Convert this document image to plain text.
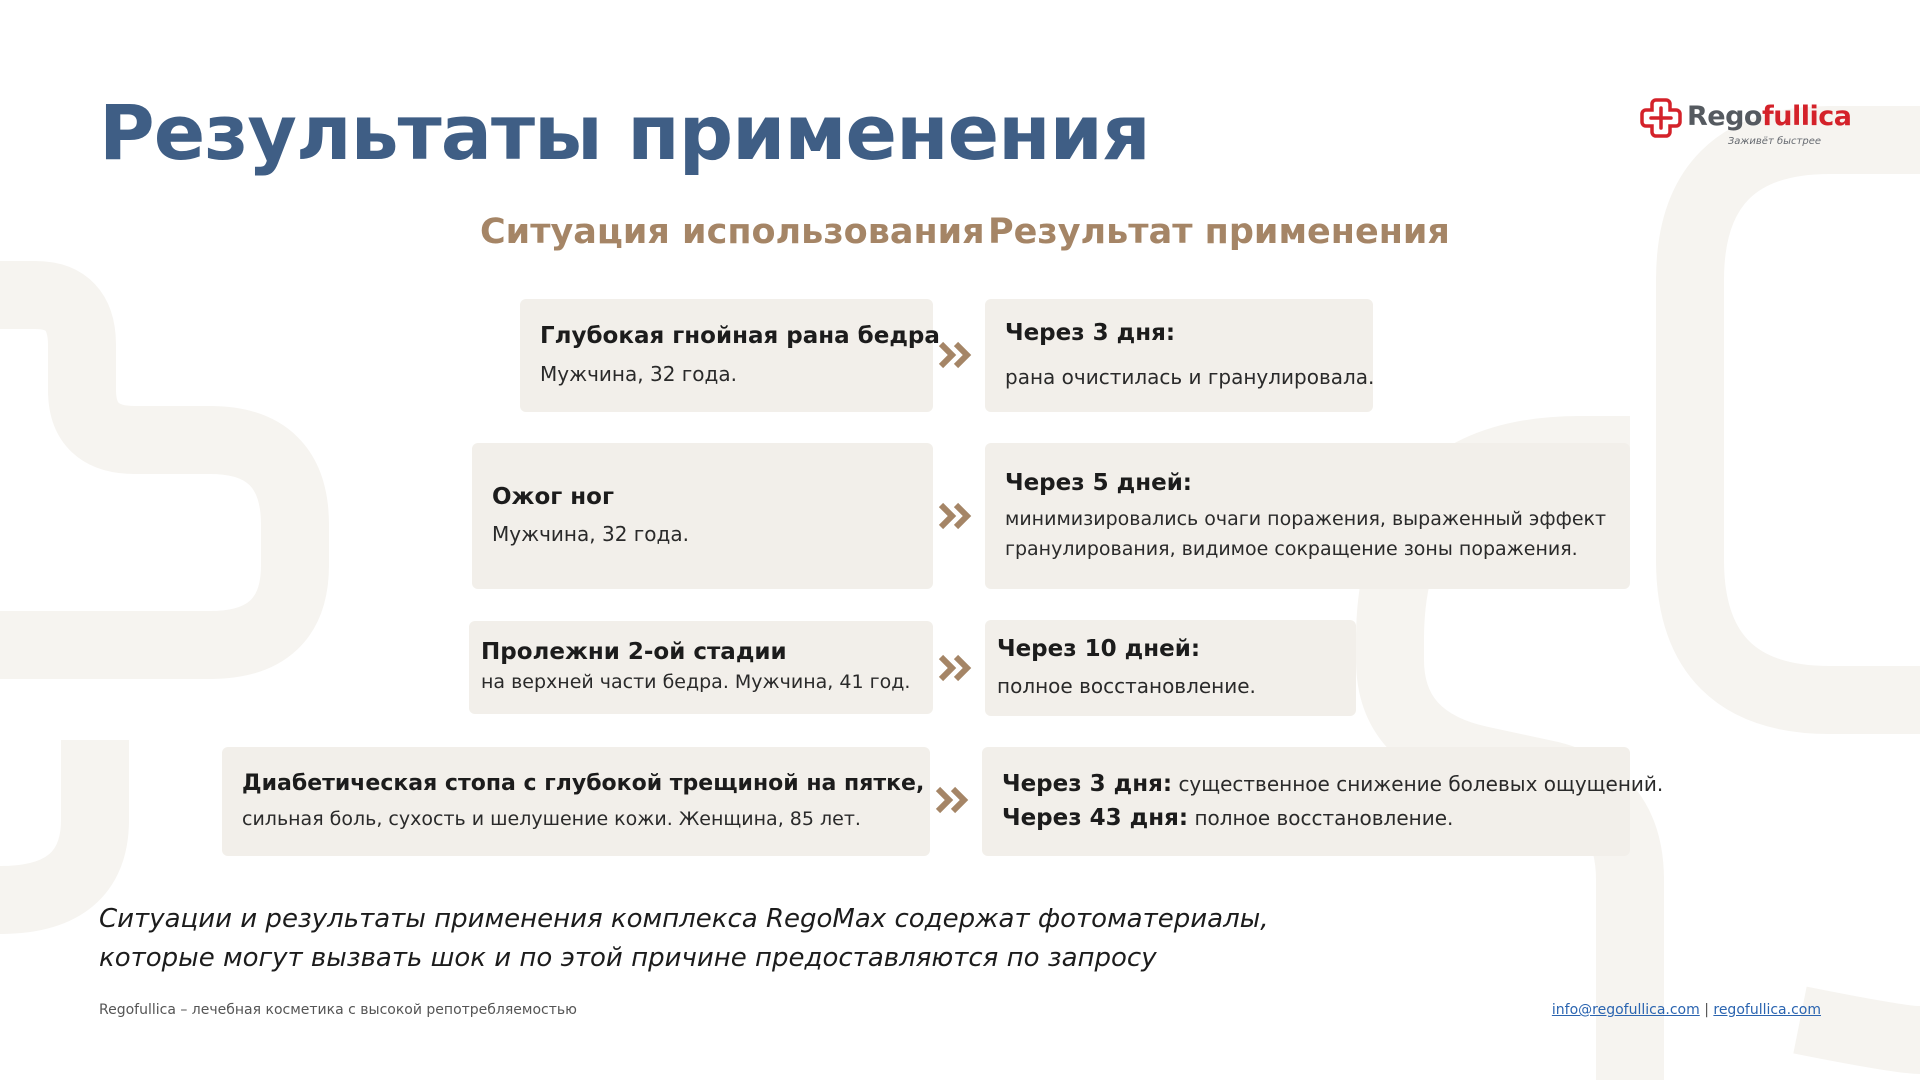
Результаты применения	Regofullica
Заживёт быстрее
Ситуация использования Результат применения
Глубокая гнойная рана бедра
Мужчина, 32 года.
Через 3 дня:
рана очистилась и гранулировала.
Ожог ног
Мужчина, 32 года.
Через 5 дней:
минимизировались очаги поражения, выраженный эффект гранулирования, видимое сокращение зоны поражения.
Пролежни 2-ой стадии
на верхней части бедра. Мужчина, 41 год.
Через 10 дней:
полное восстановление.
Диабетическая стопа с глубокой трещиной на пятке,
сильная боль, сухость и шелушение кожи. Женщина, 85 лет.
Через 3 дня: существенное снижение болевых ощущений.
Через 43 дня: полное восстановление.

Ситуации и результаты применения комплекса RegoMax содержат фотоматериалы,
которые могут вызвать шок и по этой причине предоставляются по запросу

Regofullica – лечебная косметика с высокой репотребляемостью	info@regofullica.com | regofullica.com
